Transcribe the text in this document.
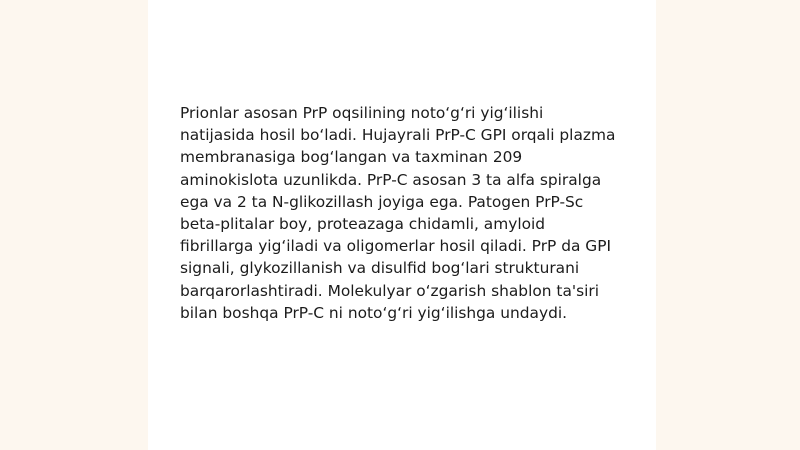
Prionlar asosan PrP oqsilining noto‘g‘ri yig‘ilishi natijasida hosil bo‘ladi. Hujayrali PrP-C GPI orqali plazma membranasiga bog‘langan va taxminan 209 aminokislota uzunlikda. PrP-C asosan 3 ta alfa spiralga ega va 2 ta N-glikozillash joyiga ega. Patogen PrP-Sc beta-plitalar boy, proteazaga chidamli, amyloid fibrillarga yig‘iladi va oligomerlar hosil qiladi. PrP da GPI signali, glykozillanish va disulfid bog‘lari strukturani barqarorlashtiradi. Molekulyar o‘zgarish shablon ta'siri bilan boshqa PrP-C ni noto‘g‘ri yig‘ilishga undaydi.
